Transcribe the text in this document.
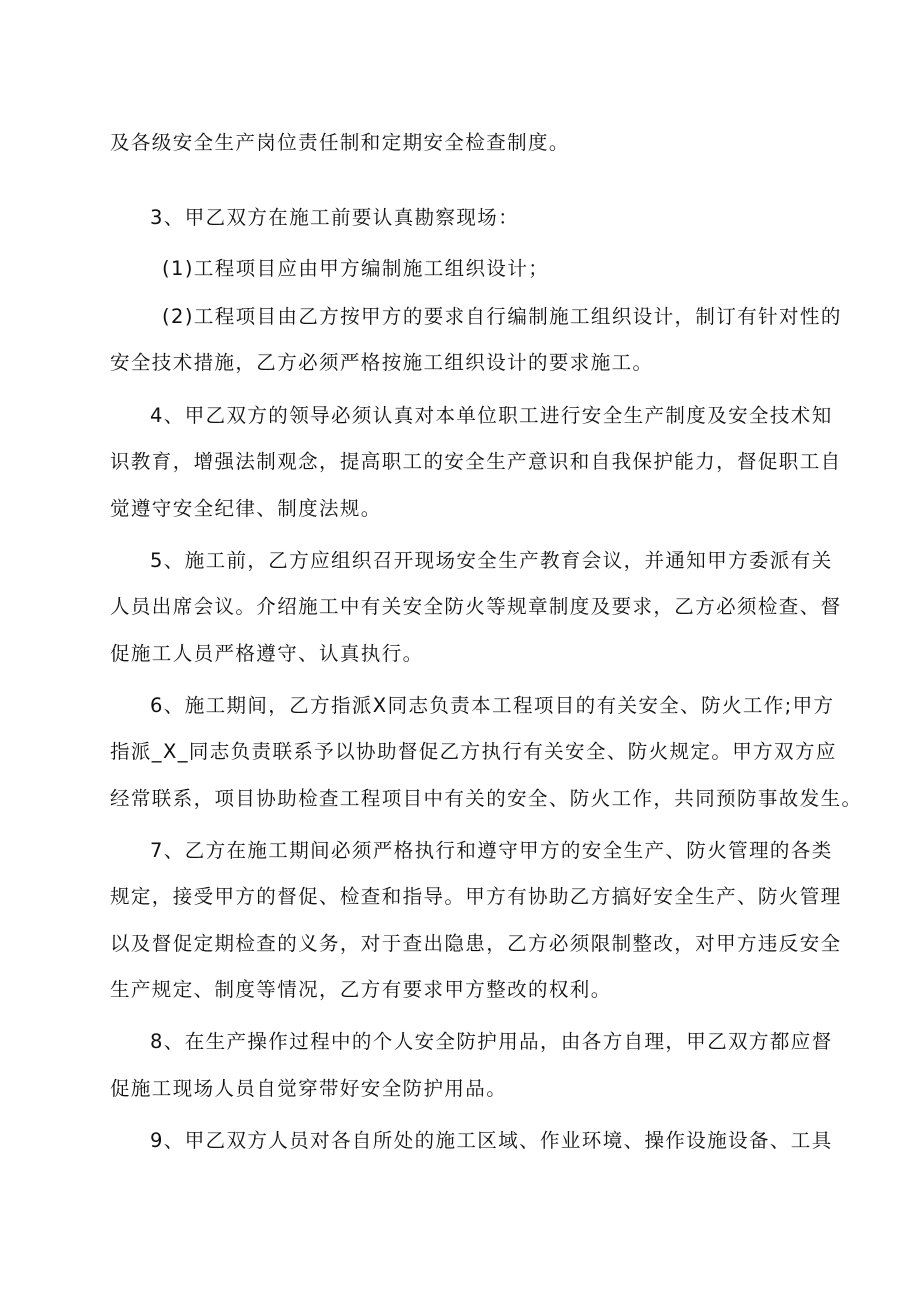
及各级安全生产岗位责任制和定期安全检查制度。
3、甲乙双方在施工前要认真勘察现场：
(1)工程项目应由甲方编制施工组织设计；
(2)工程项目由乙方按甲方的要求自行编制施工组织设计，制订有针对性的
安全技术措施，乙方必须严格按施工组织设计的要求施工。
4、甲乙双方的领导必须认真对本单位职工进行安全生产制度及安全技术知
识教育，增强法制观念，提高职工的安全生产意识和自我保护能力，督促职工自
觉遵守安全纪律、制度法规。
5、施工前，乙方应组织召开现场安全生产教育会议，并通知甲方委派有关
人员出席会议。介绍施工中有关安全防火等规章制度及要求，乙方必须检查、督
促施工人员严格遵守、认真执行。
6、施工期间，乙方指派X同志负责本工程项目的有关安全、防火工作;甲方
指派_X_同志负责联系予以协助督促乙方执行有关安全、防火规定。甲方双方应
经常联系，项目协助检查工程项目中有关的安全、防火工作，共同预防事故发生。
7、乙方在施工期间必须严格执行和遵守甲方的安全生产、防火管理的各类
规定，接受甲方的督促、检查和指导。甲方有协助乙方搞好安全生产、防火管理
以及督促定期检查的义务，对于查出隐患，乙方必须限制整改，对甲方违反安全
生产规定、制度等情况，乙方有要求甲方整改的权利。
8、在生产操作过程中的个人安全防护用品，由各方自理，甲乙双方都应督
促施工现场人员自觉穿带好安全防护用品。
9、甲乙双方人员对各自所处的施工区域、作业环境、操作设施设备、工具
